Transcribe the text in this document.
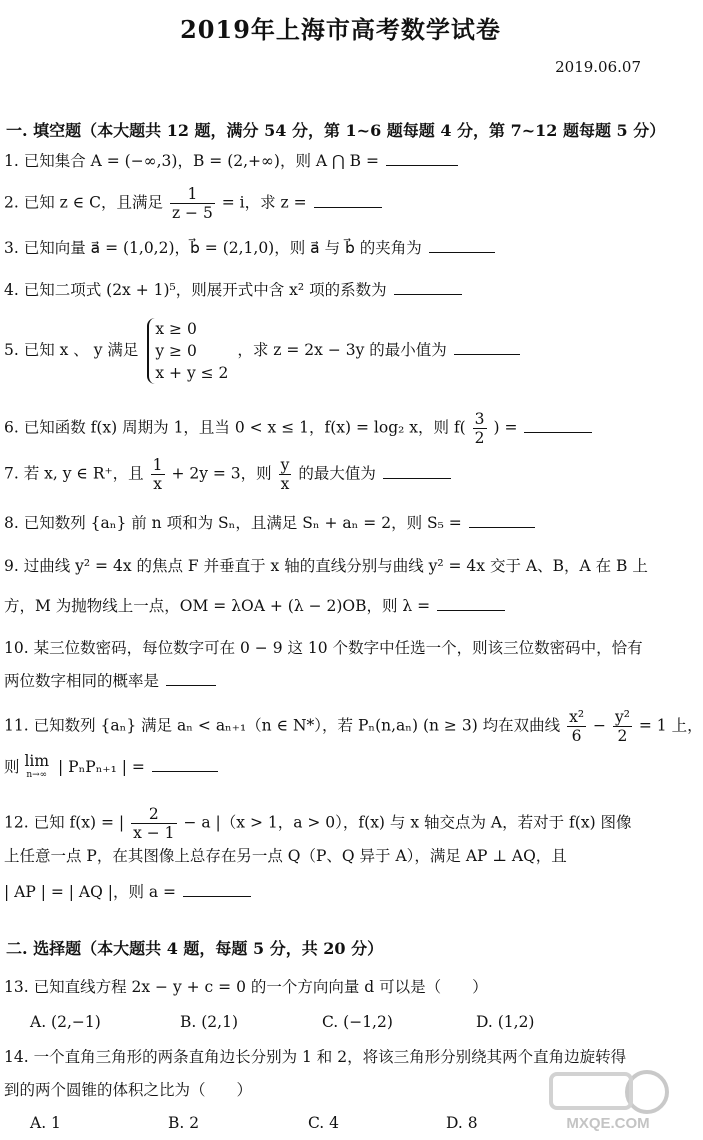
2019年上海市高考数学试卷
2019.06.07
一. 填空题（本大题共 12 题，满分 54 分，第 1~6 题每题 4 分，第 7~12 题每题 5 分）
1. 已知集合 A = (−∞,3)，B = (2,+∞)，则 A ⋂ B =
2. 已知 z ∈ C，且满足 $\frac{1}{z - 5} = i$，求 z =
3. 已知向量 a⃗ = (1,0,2)，b⃗ = (2,1,0)，则 a⃗ 与 b⃗ 的夹角为
4. 已知二项式 (2x + 1)⁵，则展开式中含 x² 项的系数为
5. 已知 x 、 y 满足
x ≥ 0
y ≥ 0
x + y ≤ 2
，求 z = 2x − 3y 的最小值为
6. 已知函数 f(x) 周期为 1，且当 0 < x ≤ 1，f(x) = log₂ x，则 $f( \frac{3}{2}$ ) =
7. 若 x, y ∈ R⁺，且 $\frac{1}{x} + 2y = 3$，则 $\frac{y}{x}$ 的最大值为
8. 已知数列 {aₙ} 前 n 项和为 Sₙ，且满足 Sₙ + aₙ = 2，则 S₅ =
9. 过曲线 y² = 4x 的焦点 F 并垂直于 x 轴的直线分别与曲线 y² = 4x 交于 A、B，A 在 B 上
方，M 为抛物线上一点，OM = λOA + (λ − 2)OB，则 λ =
10. 某三位数密码，每位数字可在 0 − 9 这 10 个数字中任选一个，则该三位数密码中，恰有
两位数字相同的概率是
11. 已知数列 {aₙ} 满足 aₙ < aₙ₊₁（n ∈ N*），若 Pₙ(n,aₙ) (n ≥ 3) 均在双曲线 $\frac{\text{x²}}{6} - \frac{\text{y²}}{2} = 1$ 上，
则 lim
n→∞ | PₙPₙ₊₁ | =
12. 已知 f(x) = | $\frac{2}{x - 1} - a$ |（x > 1，a > 0），f(x) 与 x 轴交点为 A，若对于 f(x) 图像
上任意一点 P，在其图像上总存在另一点 Q（P、Q 异于 A），满足 AP ⊥ AQ，且
| AP | = | AQ |，则 a =
二. 选择题（本大题共 4 题，每题 5 分，共 20 分）
13. 已知直线方程 2x − y + c = 0 的一个方向向量 d 可以是（　　）
A. (2,−1)	B. (2,1)	C. (−1,2)	D. (1,2)
14. 一个直角三角形的两条直角边长分别为 1 和 2，将该三角形分别绕其两个直角边旋转得
到的两个圆锥的体积之比为（　　）
A. 1	B. 2	C. 4	D. 8	MXQE.COM
